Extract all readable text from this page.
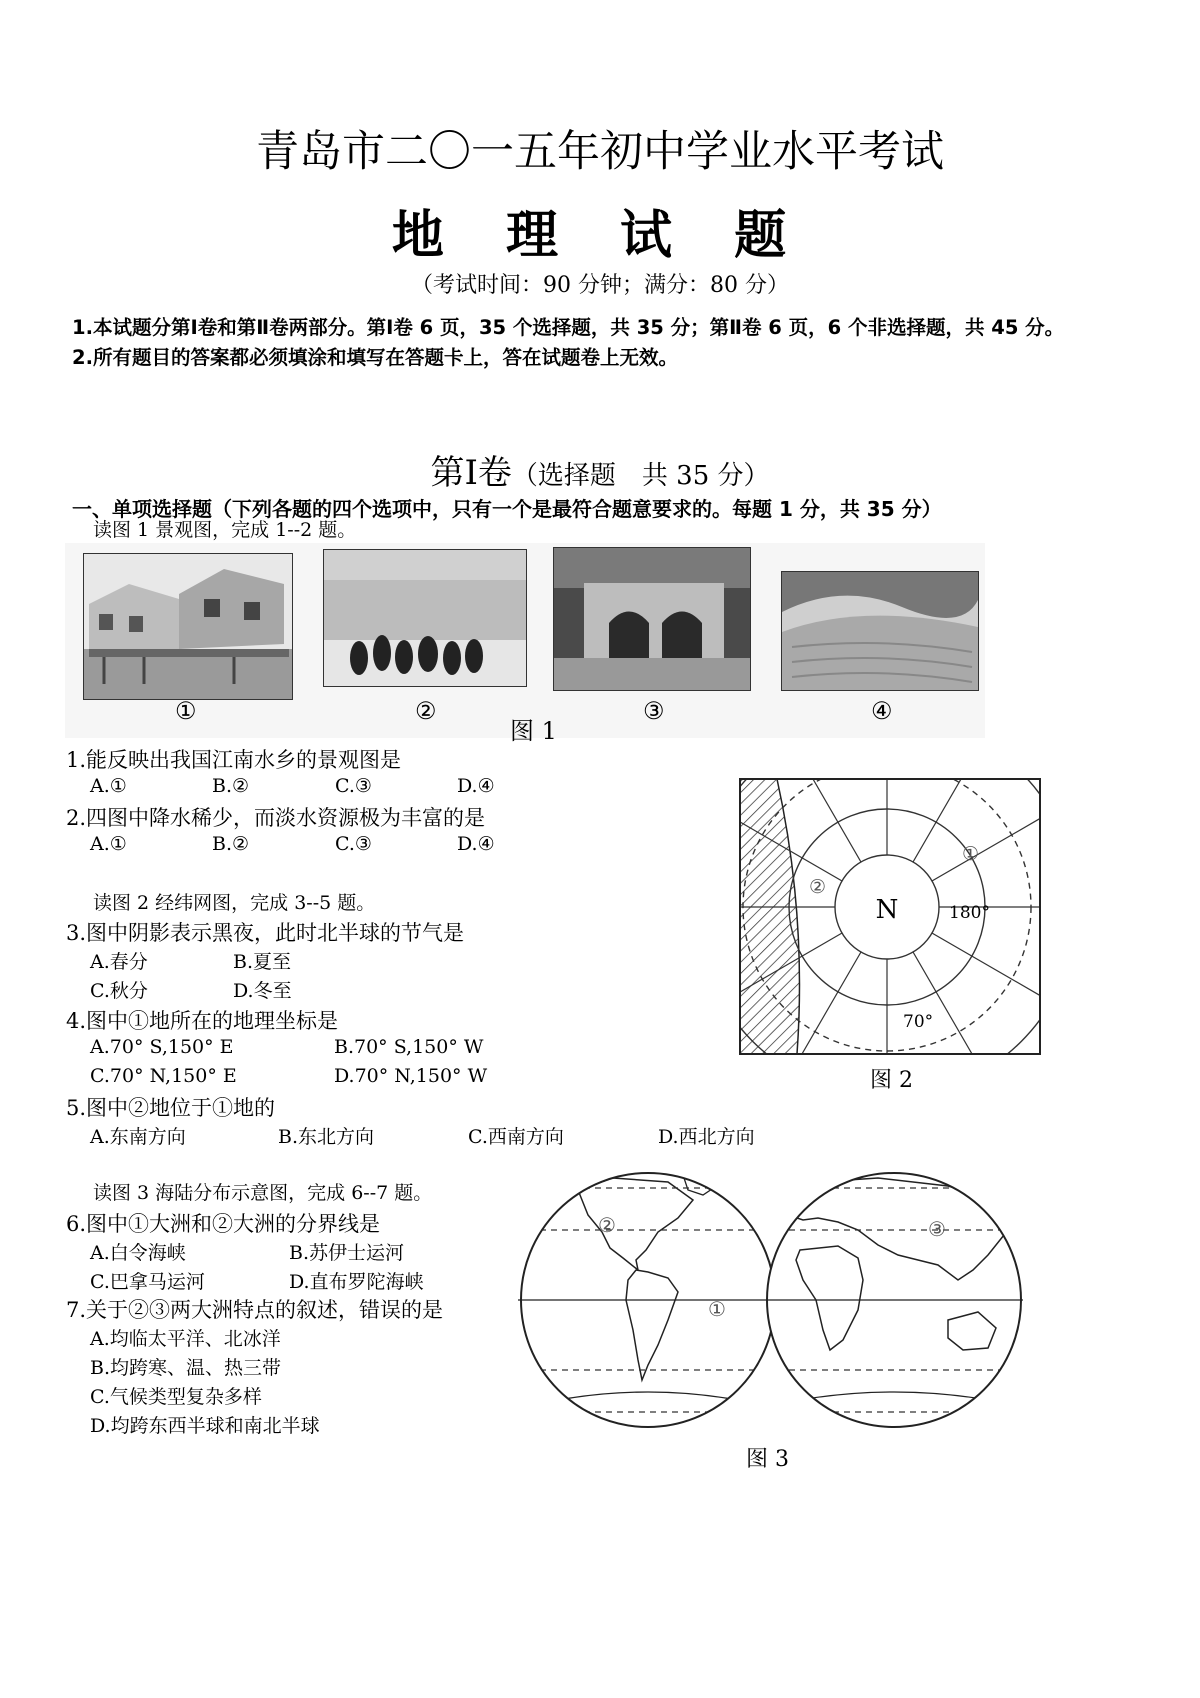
青岛市二〇一五年初中学业水平考试
地 理 试 题
（考试时间：90 分钟；满分：80 分）
1.本试题分第Ⅰ卷和第Ⅱ卷两部分。第Ⅰ卷 6 页，35 个选择题，共 35 分；第Ⅱ卷 6 页，6 个非选择题，共 45 分。
2.所有题目的答案都必须填涂和填写在答题卡上，答在试题卷上无效。
第Ⅰ卷（选择题　共 35 分）
一、单项选择题（下列各题的四个选项中，只有一个是最符合题意要求的。每题 1 分，共 35 分）
读图 1 景观图，完成 1--2 题。
①	②	③	④
图 1
1.能反映出我国江南水乡的景观图是
A.①	B.②	C.③	D.④
2.四图中降水稀少，而淡水资源极为丰富的是
A.①	B.②	C.③	D.④
N	180°
70°
①
②
图 2
读图 2 经纬网图，完成 3--5 题。
3.图中阴影表示黑夜，此时北半球的节气是
A.春分	B.夏至
C.秋分	D.冬至
4.图中①地所在的地理坐标是
A.70° S,150° E	B.70° S,150° W
C.70° N,150° E	D.70° N,150° W
5.图中②地位于①地的
A.东南方向	B.东北方向	C.西南方向	D.西北方向
②
①
③
图 3
读图 3 海陆分布示意图，完成 6--7 题。
6.图中①大洲和②大洲的分界线是
A.白令海峡	B.苏伊士运河
C.巴拿马运河	D.直布罗陀海峡
7.关于②③两大洲特点的叙述，错误的是
A.均临太平洋、北冰洋
B.均跨寒、温、热三带
C.气候类型复杂多样
D.均跨东西半球和南北半球
